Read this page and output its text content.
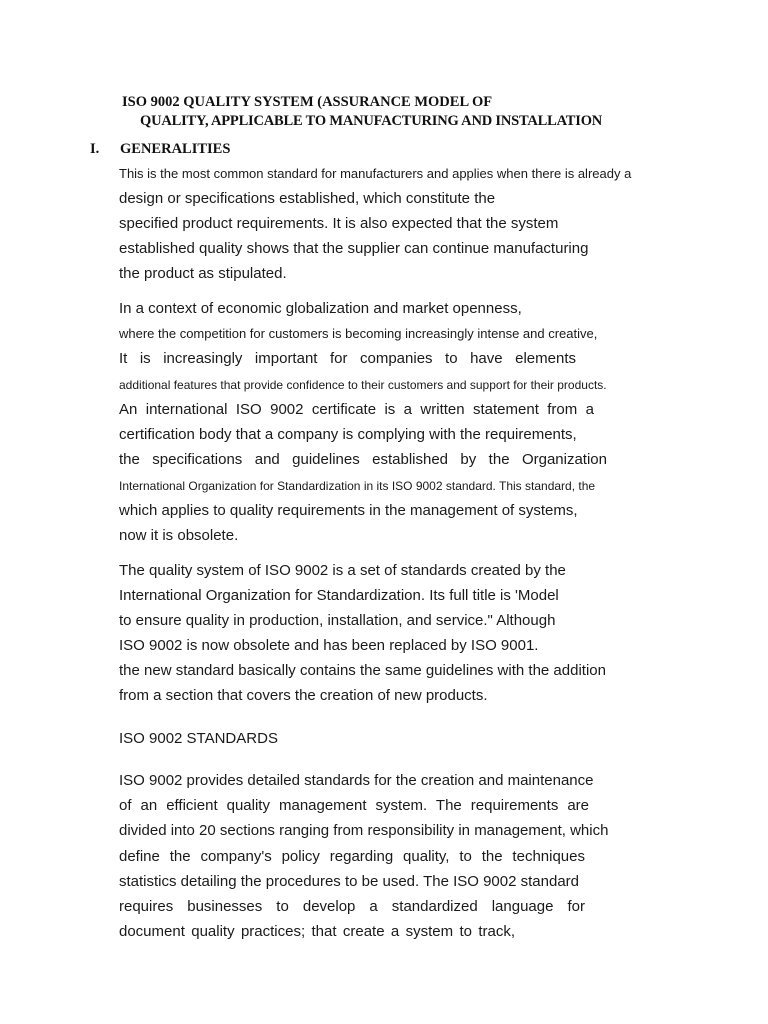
ISO 9002 QUALITY SYSTEM (ASSURANCE MODEL OF
QUALITY, APPLICABLE TO MANUFACTURING AND INSTALLATION
I. GENERALITIES
This is the most common standard for manufacturers and applies when there is already a
design or specifications established, which constitute the
specified product requirements. It is also expected that the system
established quality shows that the supplier can continue manufacturing
the product as stipulated.
In a context of economic globalization and market openness,
where the competition for customers is becoming increasingly intense and creative,
It is increasingly important for companies to have elements
additional features that provide confidence to their customers and support for their products.
An international ISO 9002 certificate is a written statement from a
certification body that a company is complying with the requirements,
the specifications and guidelines established by the Organization
International Organization for Standardization in its ISO 9002 standard. This standard, the
which applies to quality requirements in the management of systems,
now it is obsolete.
The quality system of ISO 9002 is a set of standards created by the
International Organization for Standardization. Its full title is 'Model
to ensure quality in production, installation, and service." Although
ISO 9002 is now obsolete and has been replaced by ISO 9001.
the new standard basically contains the same guidelines with the addition
from a section that covers the creation of new products.
ISO 9002 STANDARDS
ISO 9002 provides detailed standards for the creation and maintenance
of an efficient quality management system. The requirements are
divided into 20 sections ranging from responsibility in management, which
define the company's policy regarding quality, to the techniques
statistics detailing the procedures to be used. The ISO 9002 standard
requires businesses to develop a standardized language for
document quality practices; that create a system to track,
